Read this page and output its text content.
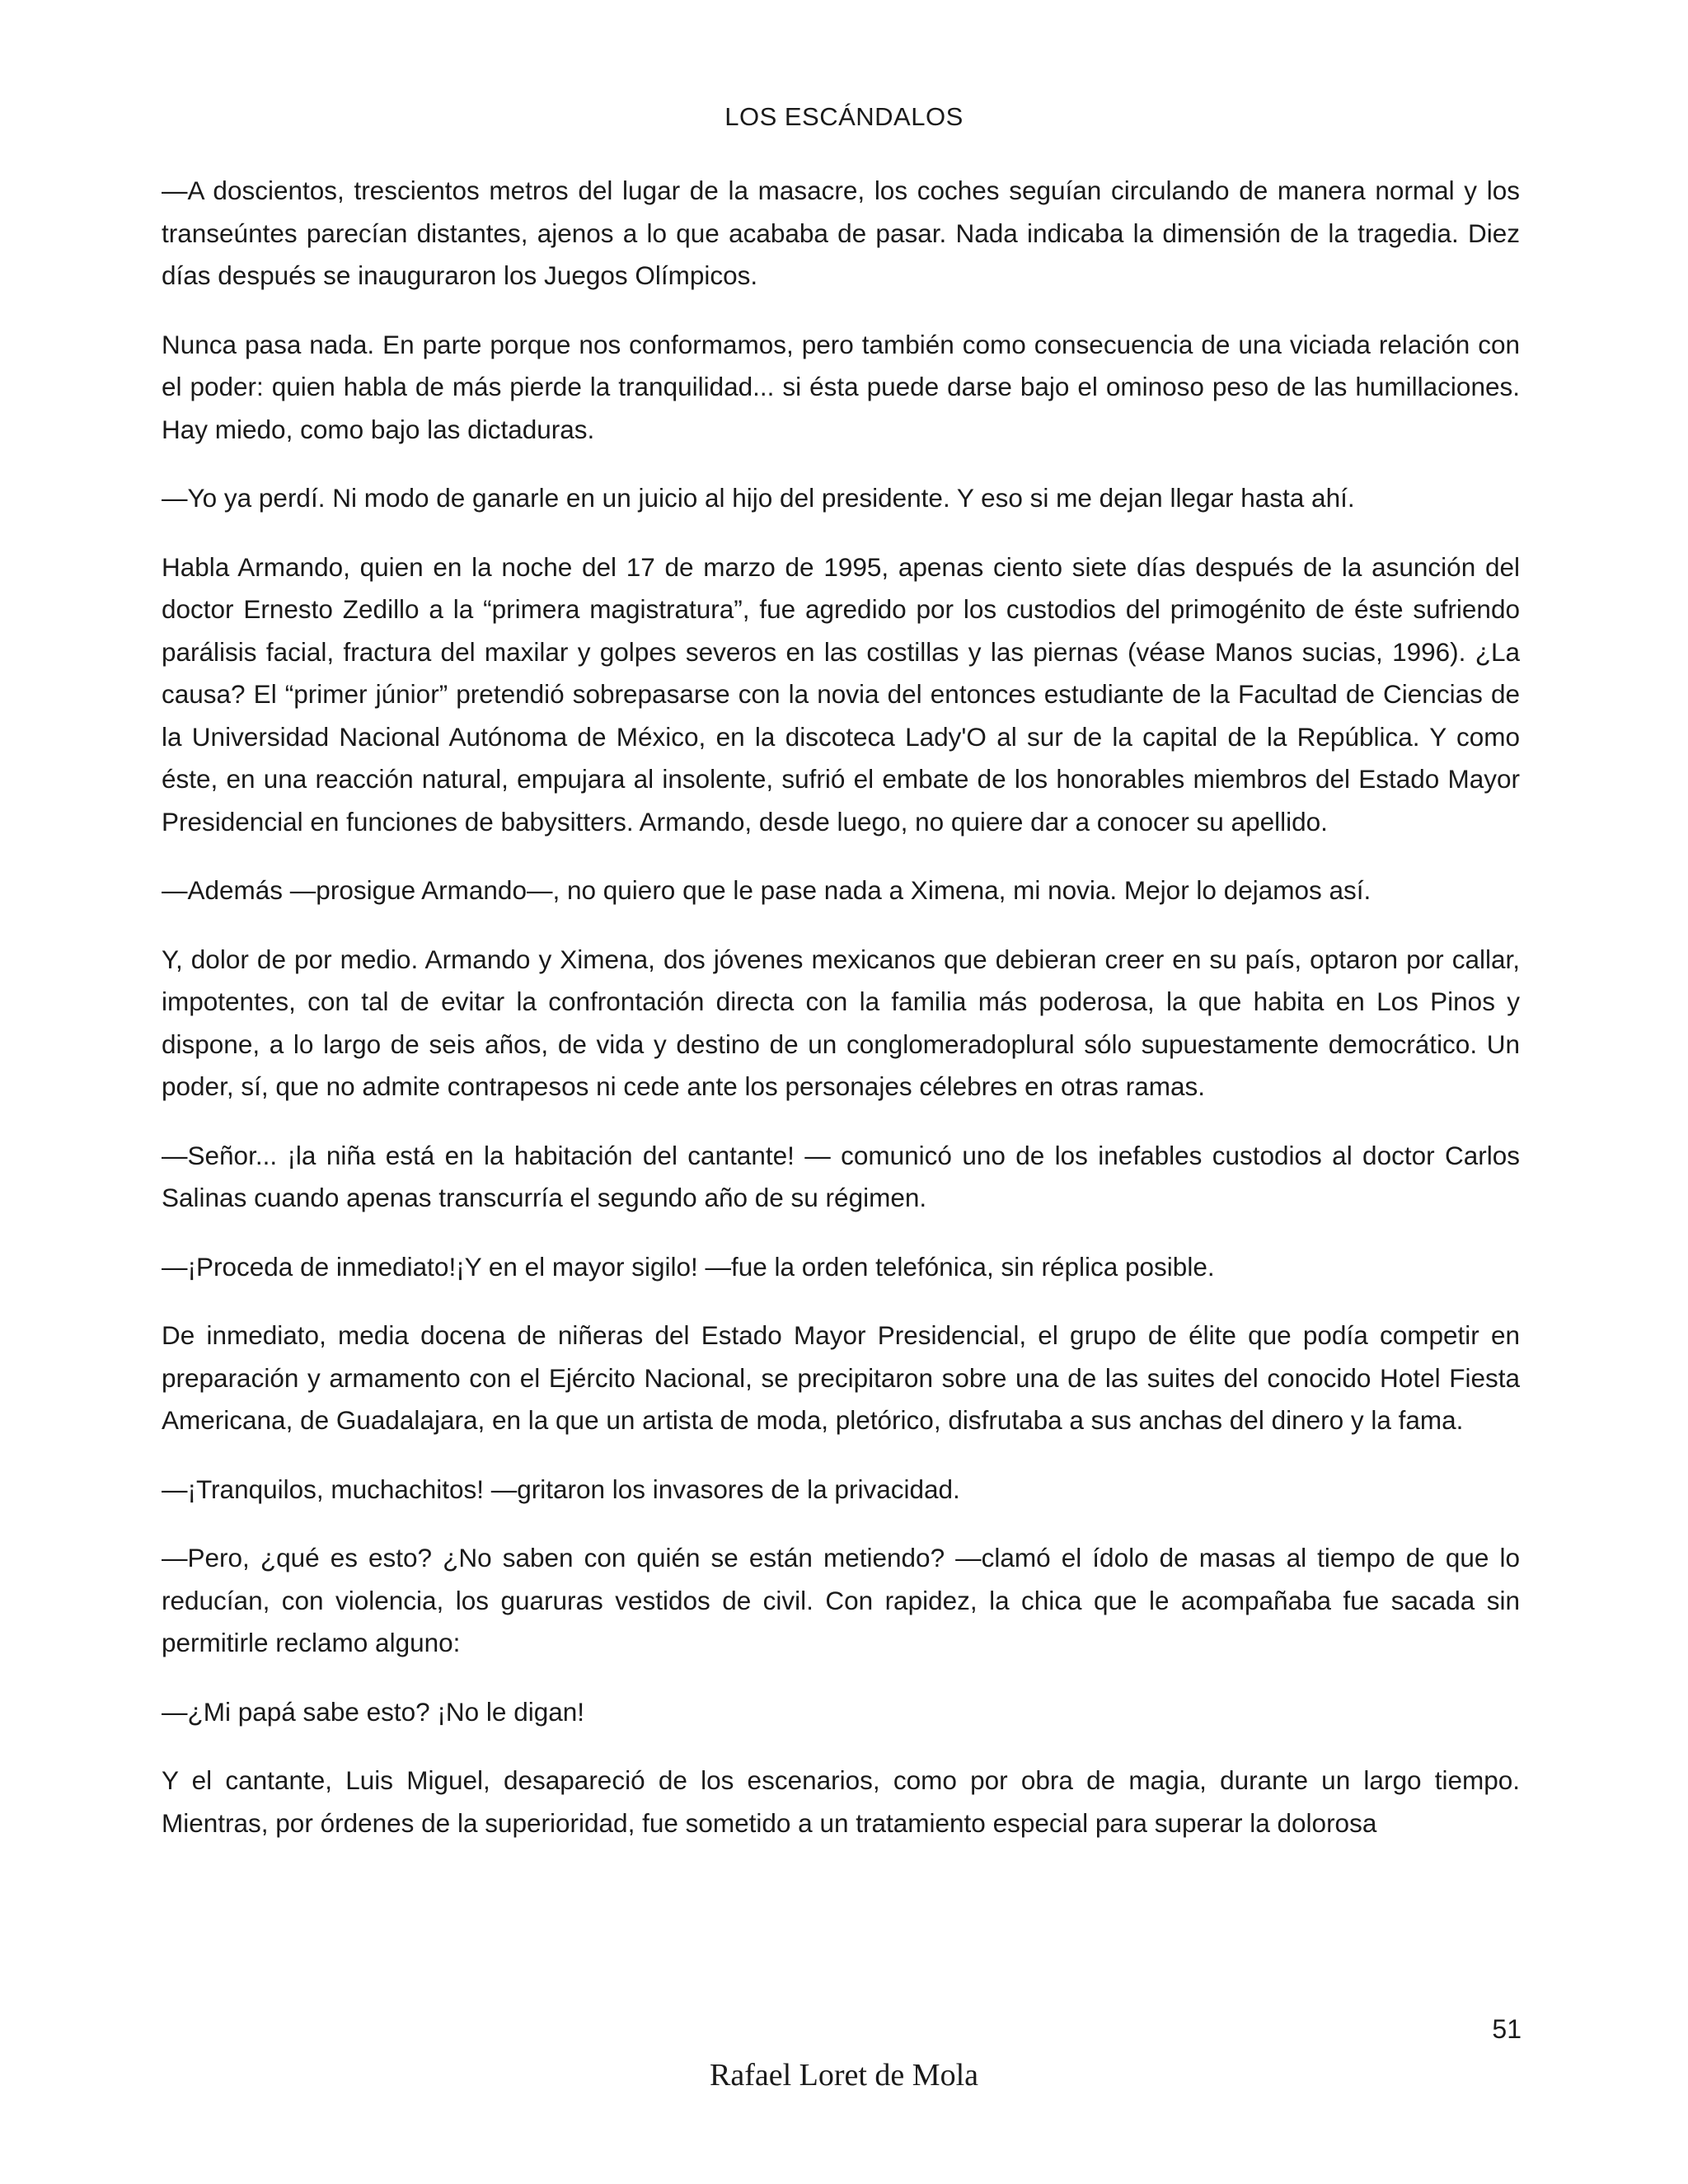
LOS ESCÁNDALOS

—A doscientos, trescientos metros del lugar de la masacre, los coches seguían circulando de manera normal y los transeúntes parecían distantes, ajenos a lo que acababa de pasar. Nada indicaba la dimensión de la tragedia. Diez días después se inauguraron los Juegos Olímpicos.

Nunca pasa nada. En parte porque nos conformamos, pero también como consecuencia de una viciada relación con el poder: quien habla de más pierde la tranquilidad... si ésta puede darse bajo el ominoso peso de las humillaciones. Hay miedo, como bajo las dictaduras.

—Yo ya perdí. Ni modo de ganarle en un juicio al hijo del presidente. Y eso si me dejan llegar hasta ahí.

Habla Armando, quien en la noche del 17 de marzo de 1995, apenas ciento siete días después de la asunción del doctor Ernesto Zedillo a la “primera magistratura”, fue agredido por los custodios del primogénito de éste sufriendo parálisis facial, fractura del maxilar y golpes severos en las costillas y las piernas (véase Manos sucias, 1996). ¿La causa? El “primer júnior” pretendió sobrepasarse con la novia del entonces estudiante de la Facultad de Ciencias de la Universidad Nacional Autónoma de México, en la discoteca Lady'O al sur de la capital de la República. Y como éste, en una reacción natural, empujara al insolente, sufrió el embate de los honorables miembros del Estado Mayor Presidencial en funciones de babysitters. Armando, desde luego, no quiere dar a conocer su apellido.

—Además —prosigue Armando—, no quiero que le pase nada a Ximena, mi novia. Mejor lo dejamos así.

Y, dolor de por medio. Armando y Ximena, dos jóvenes mexicanos que debieran creer en su país, optaron por callar, impotentes, con tal de evitar la confrontación directa con la familia más poderosa, la que habita en Los Pinos y dispone, a lo largo de seis años, de vida y destino de un conglomeradoplural sólo supuestamente democrático. Un poder, sí, que no admite contrapesos ni cede ante los personajes célebres en otras ramas.

—Señor... ¡la niña está en la habitación del cantante! — comunicó uno de los inefables custodios al doctor Carlos Salinas cuando apenas transcurría el segundo año de su régimen.

—¡Proceda de inmediato!¡Y en el mayor sigilo! —fue la orden telefónica, sin réplica posible.

De inmediato, media docena de niñeras del Estado Mayor Presidencial, el grupo de élite que podía competir en preparación y armamento con el Ejército Nacional, se precipitaron sobre una de las suites del conocido Hotel Fiesta Americana, de Guadalajara, en la que un artista de moda, pletórico, disfrutaba a sus anchas del dinero y la fama.

—¡Tranquilos, muchachitos! —gritaron los invasores de la privacidad.

—Pero, ¿qué es esto? ¿No saben con quién se están metiendo? —clamó el ídolo de masas al tiempo de que lo reducían, con violencia, los guaruras vestidos de civil. Con rapidez, la chica que le acompañaba fue sacada sin permitirle reclamo alguno:

—¿Mi papá sabe esto? ¡No le digan!

Y el cantante, Luis Miguel, desapareció de los escenarios, como por obra de magia, durante un largo tiempo. Mientras, por órdenes de la superioridad, fue sometido a un tratamiento especial para superar la dolorosa

51
Rafael Loret de Mola
